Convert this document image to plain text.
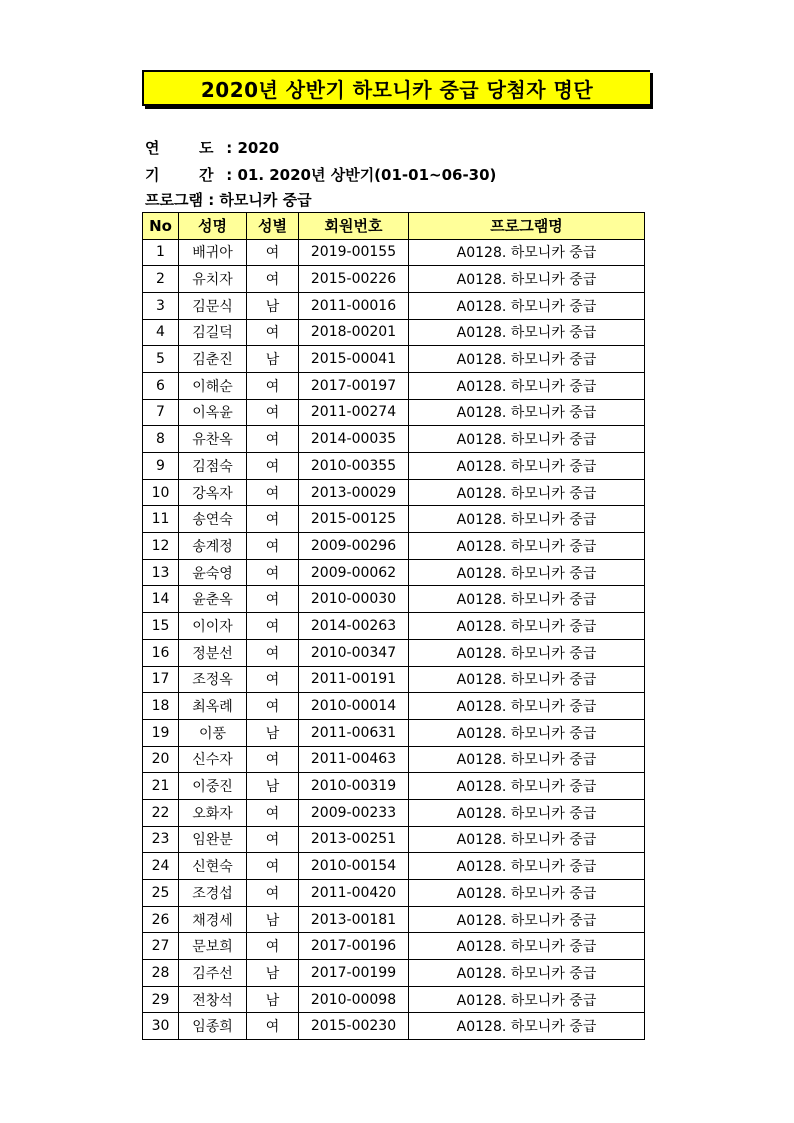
2020년 상반기 하모니카 중급 당첨자 명단
연	도 : 2020
기	간 : 01. 2020년 상반기(01-01~06-30)
프로그램 : 하모니카 중급
No	성명	성별	회원번호	프로그램명
1	배귀아	여	2019-00155	A0128. 하모니카 중급
2	유치자	여	2015-00226	A0128. 하모니카 중급
3	김문식	남	2011-00016	A0128. 하모니카 중급
4	김길덕	여	2018-00201	A0128. 하모니카 중급
5	김춘진	남	2015-00041	A0128. 하모니카 중급
6	이해순	여	2017-00197	A0128. 하모니카 중급
7	이옥윤	여	2011-00274	A0128. 하모니카 중급
8	유찬옥	여	2014-00035	A0128. 하모니카 중급
9	김점숙	여	2010-00355	A0128. 하모니카 중급
10	강옥자	여	2013-00029	A0128. 하모니카 중급
11	송연숙	여	2015-00125	A0128. 하모니카 중급
12	송계정	여	2009-00296	A0128. 하모니카 중급
13	윤숙영	여	2009-00062	A0128. 하모니카 중급
14	윤춘옥	여	2010-00030	A0128. 하모니카 중급
15	이이자	여	2014-00263	A0128. 하모니카 중급
16	정분선	여	2010-00347	A0128. 하모니카 중급
17	조정옥	여	2011-00191	A0128. 하모니카 중급
18	최옥례	여	2010-00014	A0128. 하모니카 중급
19	이풍	남	2011-00631	A0128. 하모니카 중급
20	신수자	여	2011-00463	A0128. 하모니카 중급
21	이중진	남	2010-00319	A0128. 하모니카 중급
22	오화자	여	2009-00233	A0128. 하모니카 중급
23	임완분	여	2013-00251	A0128. 하모니카 중급
24	신현숙	여	2010-00154	A0128. 하모니카 중급
25	조경섭	여	2011-00420	A0128. 하모니카 중급
26	채경세	남	2013-00181	A0128. 하모니카 중급
27	문보희	여	2017-00196	A0128. 하모니카 중급
28	김주선	남	2017-00199	A0128. 하모니카 중급
29	전창석	남	2010-00098	A0128. 하모니카 중급
30	임종희	여	2015-00230	A0128. 하모니카 중급
